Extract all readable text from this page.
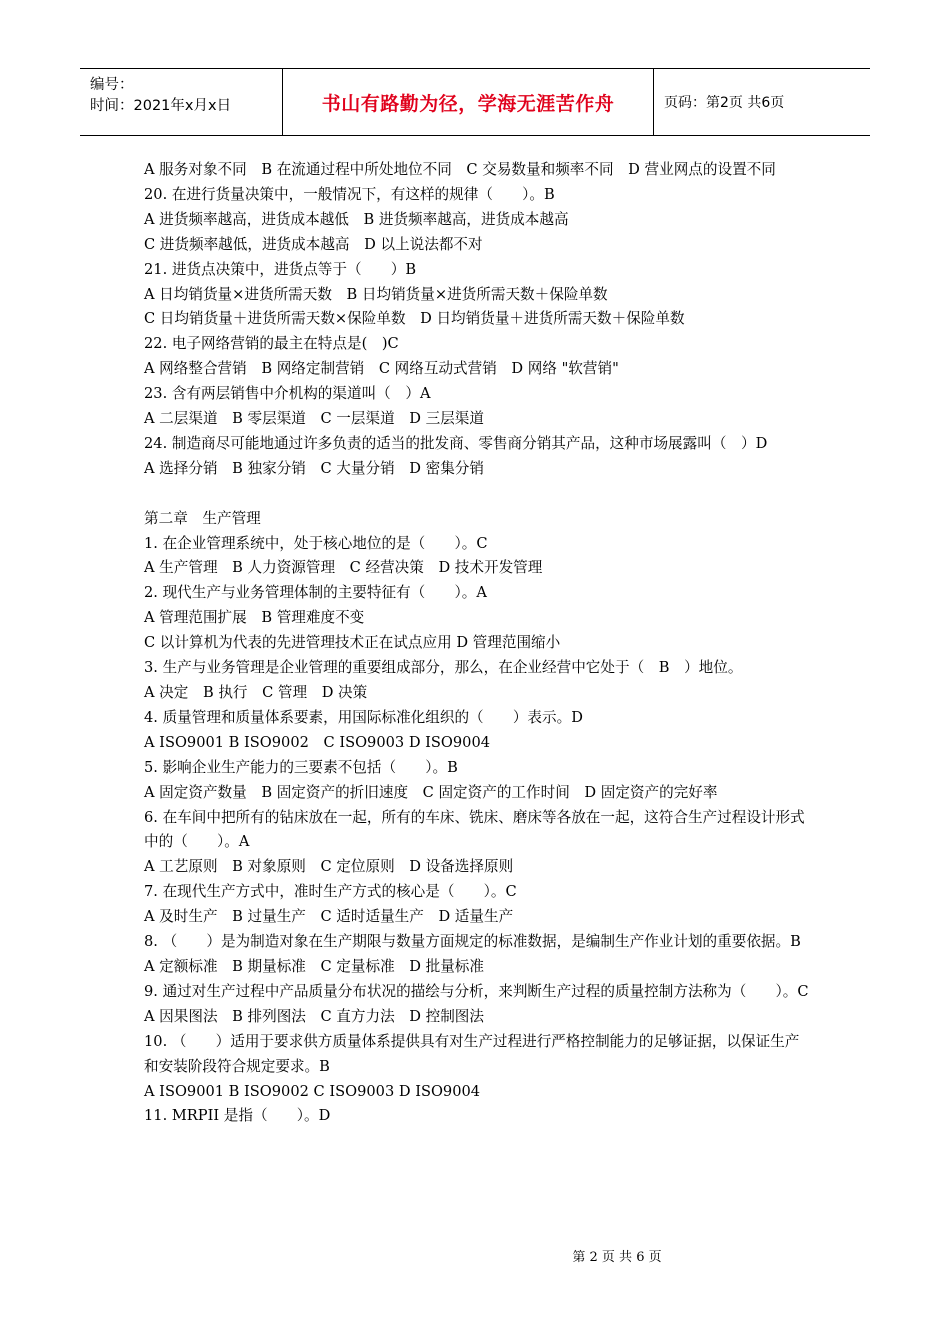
编号：
时间：2021年x月x日	书山有路勤为径，学海无涯苦作舟	页码：第2页 共6页

A 服务对象不同　B 在流通过程中所处地位不同　C 交易数量和频率不同　D 营业网点的设置不同

20. 在进行货量决策中，一般情况下，有这样的规律（　　）。B

A 进货频率越高，进货成本越低　B 进货频率越高，进货成本越高

C 进货频率越低，进货成本越高　D 以上说法都不对

21. 进货点决策中，进货点等于（　　）B

A 日均销货量×进货所需天数　B 日均销货量×进货所需天数＋保险单数

C 日均销货量＋进货所需天数×保险单数　D 日均销货量＋进货所需天数＋保险单数

22. 电子网络营销的最主在特点是(　)C

A 网络整合营销　B 网络定制营销　C 网络互动式营销　D 网络 "软营销"

23. 含有两层销售中介机构的渠道叫（　）A

A 二层渠道　B 零层渠道　C 一层渠道　D 三层渠道

24. 制造商尽可能地通过许多负责的适当的批发商、零售商分销其产品，这种市场展露叫（　）D

A 选择分销　B 独家分销　C 大量分销　D 密集分销

第二章　生产管理

1. 在企业管理系统中，处于核心地位的是（　　）。C

A 生产管理　B 人力资源管理　C 经营决策　D 技术开发管理

2. 现代生产与业务管理体制的主要特征有（　　）。A

A 管理范围扩展　B 管理难度不变

C 以计算机为代表的先进管理技术正在试点应用 D 管理范围缩小

3. 生产与业务管理是企业管理的重要组成部分，那么，在企业经营中它处于（　B　）地位。

A 决定　B 执行　C 管理　D 决策

4. 质量管理和质量体系要素，用国际标准化组织的（　　）表示。D

A ISO9001 B ISO9002　C ISO9003 D ISO9004

5. 影响企业生产能力的三要素不包括（　　）。B

A 固定资产数量　B 固定资产的折旧速度　C 固定资产的工作时间　D 固定资产的完好率

6. 在车间中把所有的钻床放在一起，所有的车床、铣床、磨床等各放在一起，这符合生产过程设计形式中的（　　）。A

A 工艺原则　B 对象原则　C 定位原则　D 设备选择原则

7. 在现代生产方式中，准时生产方式的核心是（　　）。C

A 及时生产　B 过量生产　C 适时适量生产　D 适量生产

8. （　　）是为制造对象在生产期限与数量方面规定的标准数据，是编制生产作业计划的重要依据。B

A 定额标准　B 期量标准　C 定量标准　D 批量标准

9. 通过对生产过程中产品质量分布状况的描绘与分析，来判断生产过程的质量控制方法称为（　　）。C

A 因果图法　B 排列图法　C 直方力法　D 控制图法

10. （　　）适用于要求供方质量体系提供具有对生产过程进行严格控制能力的足够证据，以保证生产和安装阶段符合规定要求。B

A ISO9001 B ISO9002 C ISO9003 D ISO9004

11. MRPII 是指（　　）。D

第 2 页 共 6 页
